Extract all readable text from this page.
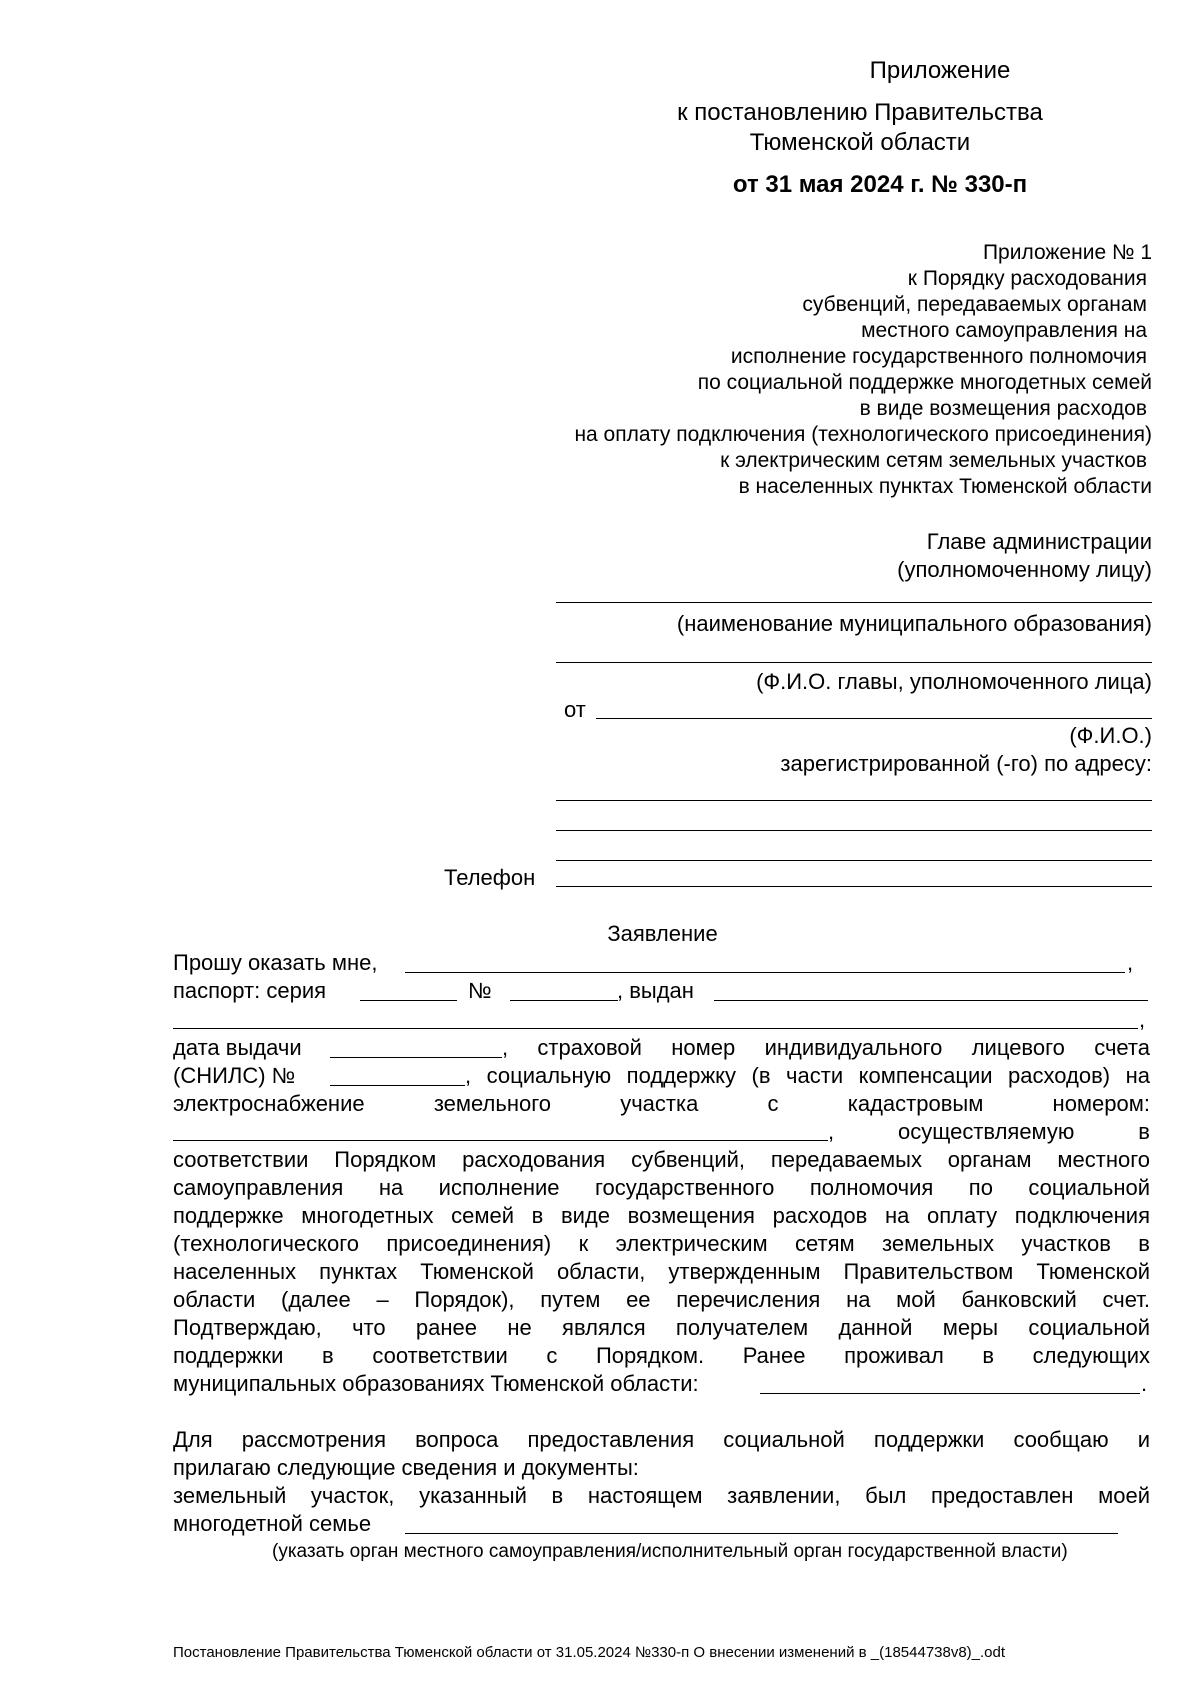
Приложение
к постановлению Правительства
Тюменской области
от 31 мая 2024 г. № 330-п
Приложение № 1
к Порядку расходования
субвенций, передаваемых органам
местного самоуправления на
исполнение государственного полномочия
по социальной поддержке многодетных семей
в виде возмещения расходов
на оплату подключения (технологического присоединения)
к электрическим сетям земельных участков
в населенных пунктах Тюменской области
Главе администрации
(уполномоченному лицу)
(наименование муниципального образования)
(Ф.И.О. главы, уполномоченного лица)
от
(Ф.И.О.)
зарегистрированной (-го) по адресу:
Телефон
Заявление
Прошу оказать мне,	,
паспорт: серия	№	, выдан
,
дата выдачи	, страховой номер индивидуального лицевого счета
(СНИЛС) №	, социальную поддержку (в части компенсации расходов) на
электроснабжение земельного участка с кадастровым номером:
, осуществляемую в
соответствии Порядком расходования субвенций, передаваемых органам местного
самоуправления на исполнение государственного полномочия по социальной
поддержке многодетных семей в виде возмещения расходов на оплату подключения
(технологического присоединения) к электрическим сетям земельных участков в
населенных пунктах Тюменской области, утвержденным Правительством Тюменской
области (далее – Порядок), путем ее перечисления на мой банковский счет.
Подтверждаю, что ранее не являлся получателем данной меры социальной
поддержки в соответствии с Порядком. Ранее проживал в следующих
муниципальных образованиях Тюменской области:	.
Для рассмотрения вопроса предоставления социальной поддержки сообщаю и
прилагаю следующие сведения и документы:
земельный участок, указанный в настоящем заявлении, был предоставлен моей
многодетной семье
(указать орган местного самоуправления/исполнительный орган государственной власти)
Постановление Правительства Тюменской области от 31.05.2024 №330-п О внесении изменений в _(18544738v8)_.odt
